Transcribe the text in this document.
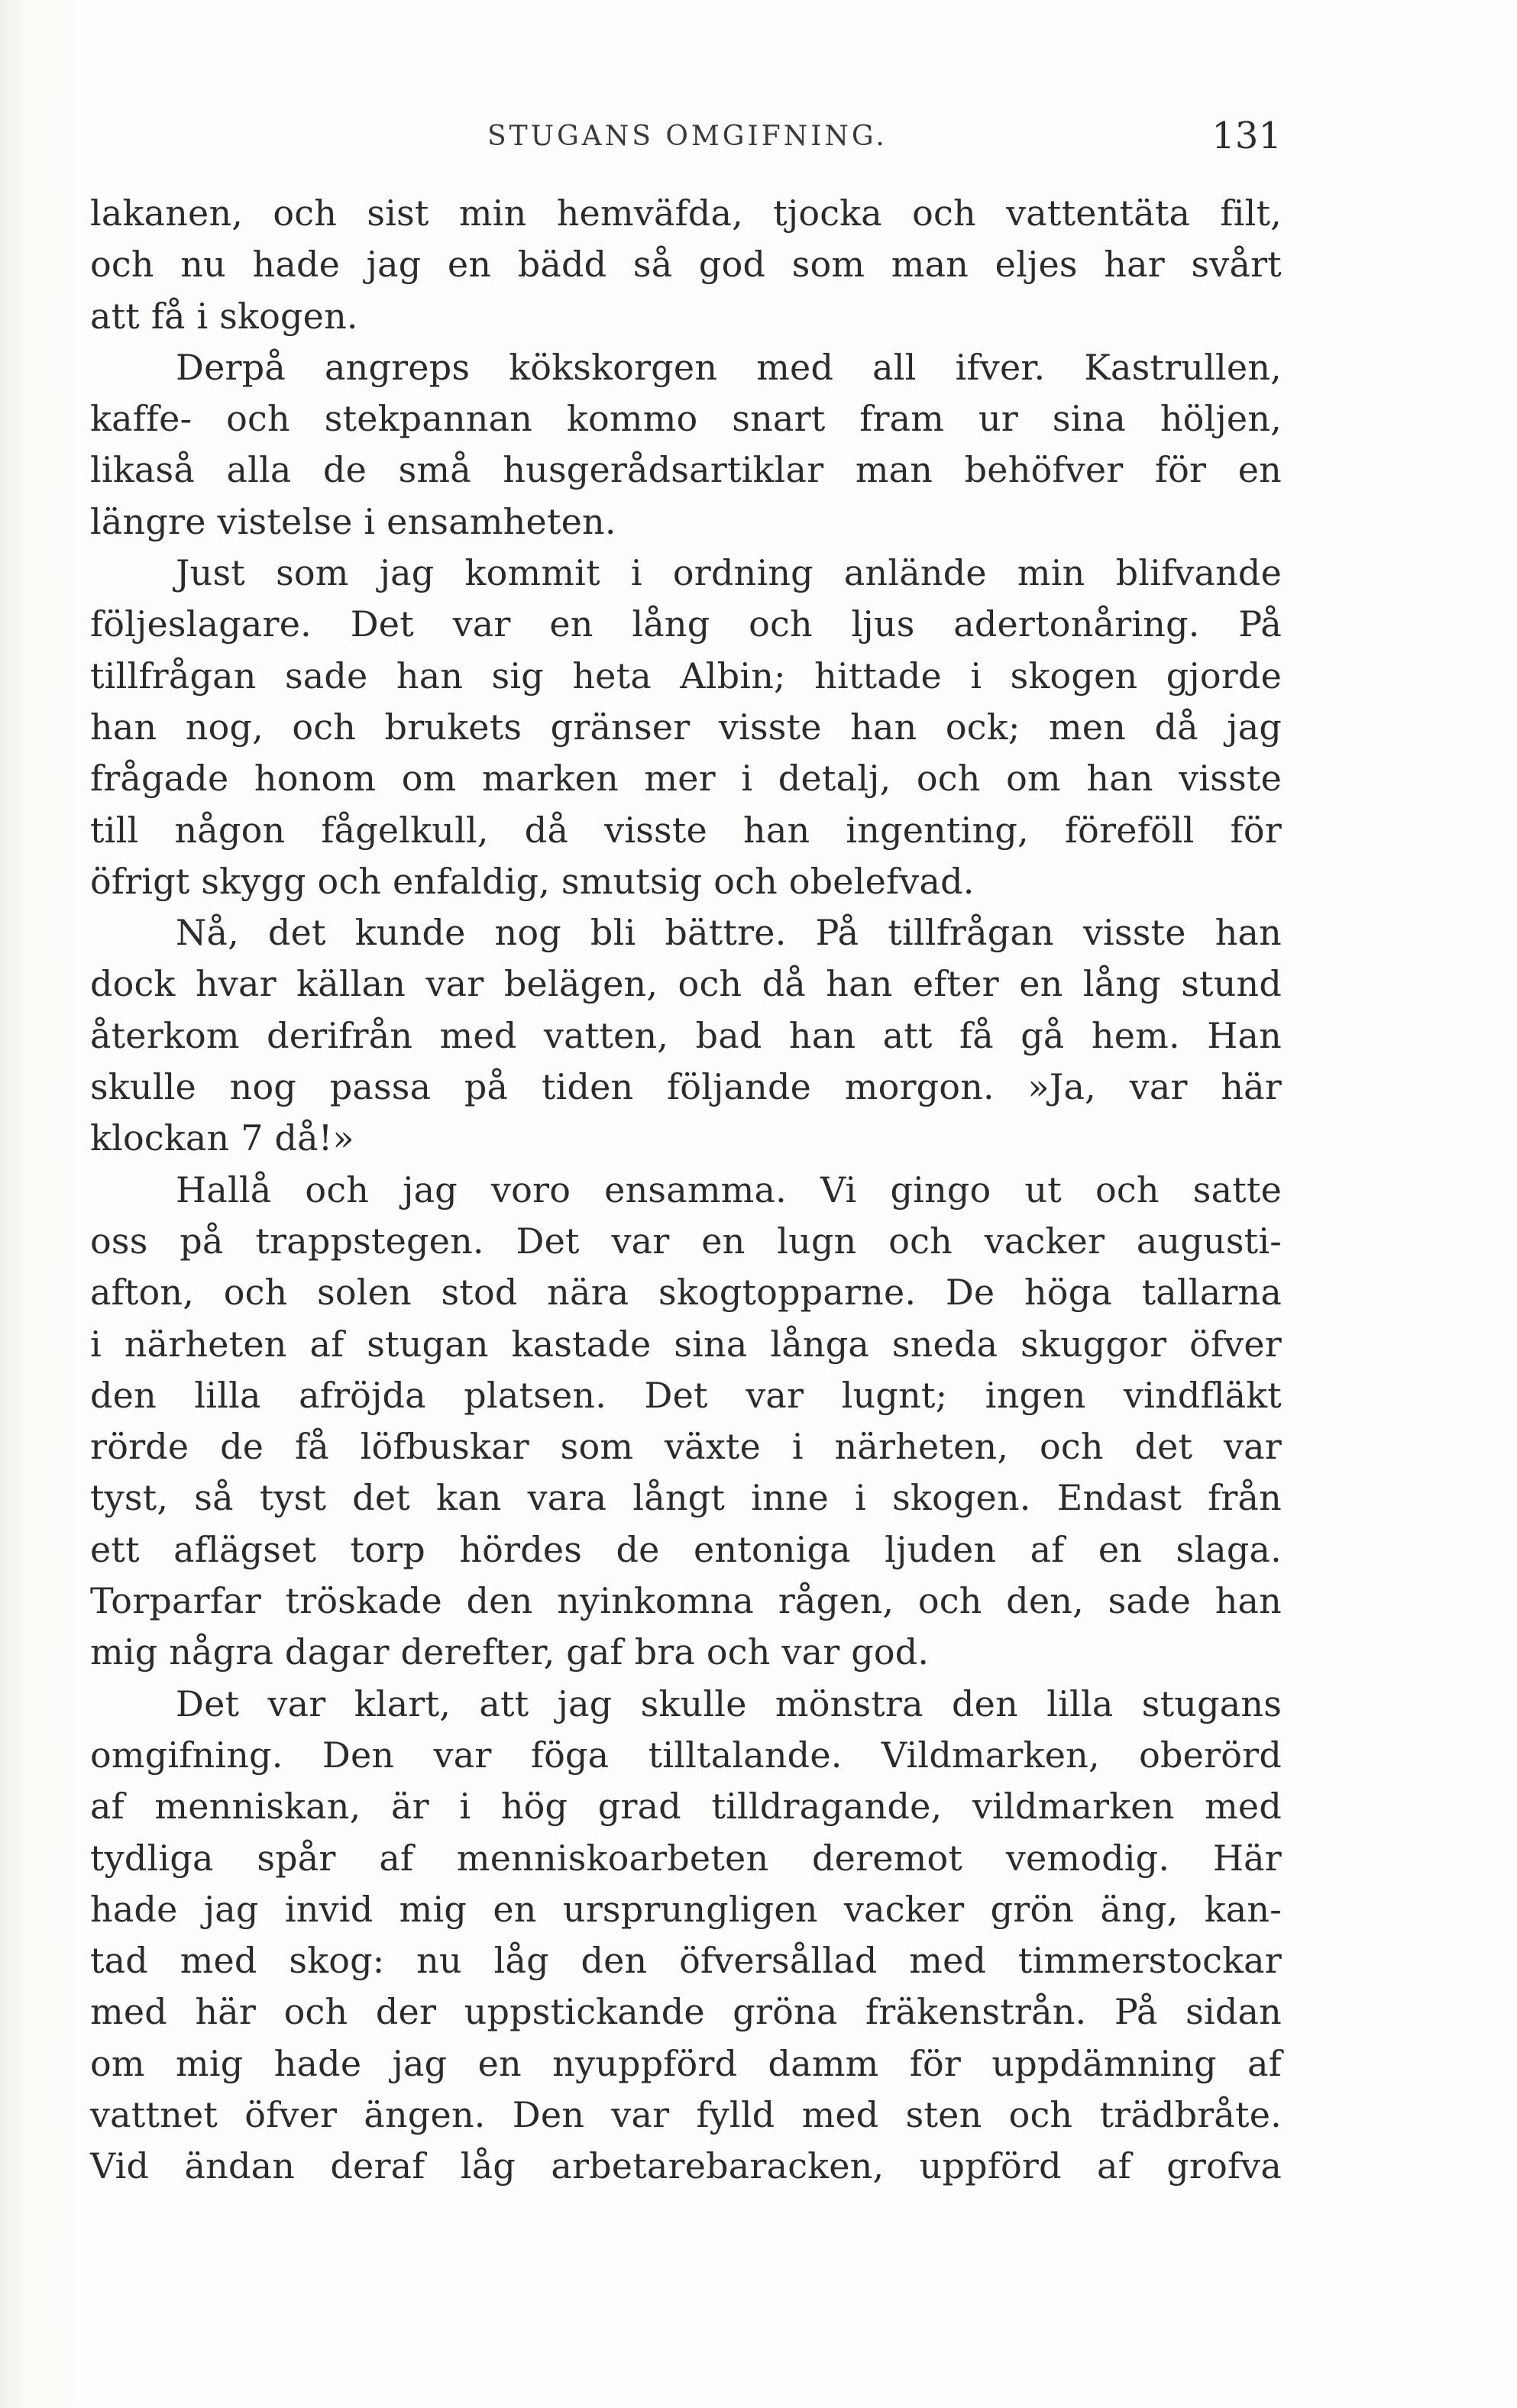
STUGANS OMGIFNING.	131
lakanen, och sist min hemväfda, tjocka och vattentäta filt,
och nu hade jag en bädd så god som man eljes har svårt
att få i skogen.
Derpå angreps kökskorgen med all ifver. Kastrullen,
kaffe- och stekpannan kommo snart fram ur sina höljen,
likaså alla de små husgerådsartiklar man behöfver för en
längre vistelse i ensamheten.
Just som jag kommit i ordning anlände min blifvande
följeslagare. Det var en lång och ljus adertonåring. På
tillfrågan sade han sig heta Albin; hittade i skogen gjorde
han nog, och brukets gränser visste han ock; men då jag
frågade honom om marken mer i detalj, och om han visste
till någon fågelkull, då visste han ingenting, föreföll för
öfrigt skygg och enfaldig, smutsig och obelefvad.
Nå, det kunde nog bli bättre. På tillfrågan visste han
dock hvar källan var belägen, och då han efter en lång stund
återkom derifrån med vatten, bad han att få gå hem. Han
skulle nog passa på tiden följande morgon. »Ja, var här
klockan 7 då!»
Hallå och jag voro ensamma. Vi gingo ut och satte
oss på trappstegen. Det var en lugn och vacker augusti-
afton, och solen stod nära skogtopparne. De höga tallarna
i närheten af stugan kastade sina långa sneda skuggor öfver
den lilla afröjda platsen. Det var lugnt; ingen vindfläkt
rörde de få löfbuskar som växte i närheten, och det var
tyst, så tyst det kan vara långt inne i skogen. Endast från
ett aflägset torp hördes de entoniga ljuden af en slaga.
Torparfar tröskade den nyinkomna rågen, och den, sade han
mig några dagar derefter, gaf bra och var god.
Det var klart, att jag skulle mönstra den lilla stugans
omgifning. Den var föga tilltalande. Vildmarken, oberörd
af menniskan, är i hög grad tilldragande, vildmarken med
tydliga spår af menniskoarbeten deremot vemodig. Här
hade jag invid mig en ursprungligen vacker grön äng, kan-
tad med skog: nu låg den öfversållad med timmerstockar
med här och der uppstickande gröna fräkenstrån. På sidan
om mig hade jag en nyuppförd damm för uppdämning af
vattnet öfver ängen. Den var fylld med sten och trädbråte.
Vid ändan deraf låg arbetarebaracken, uppförd af grofva
